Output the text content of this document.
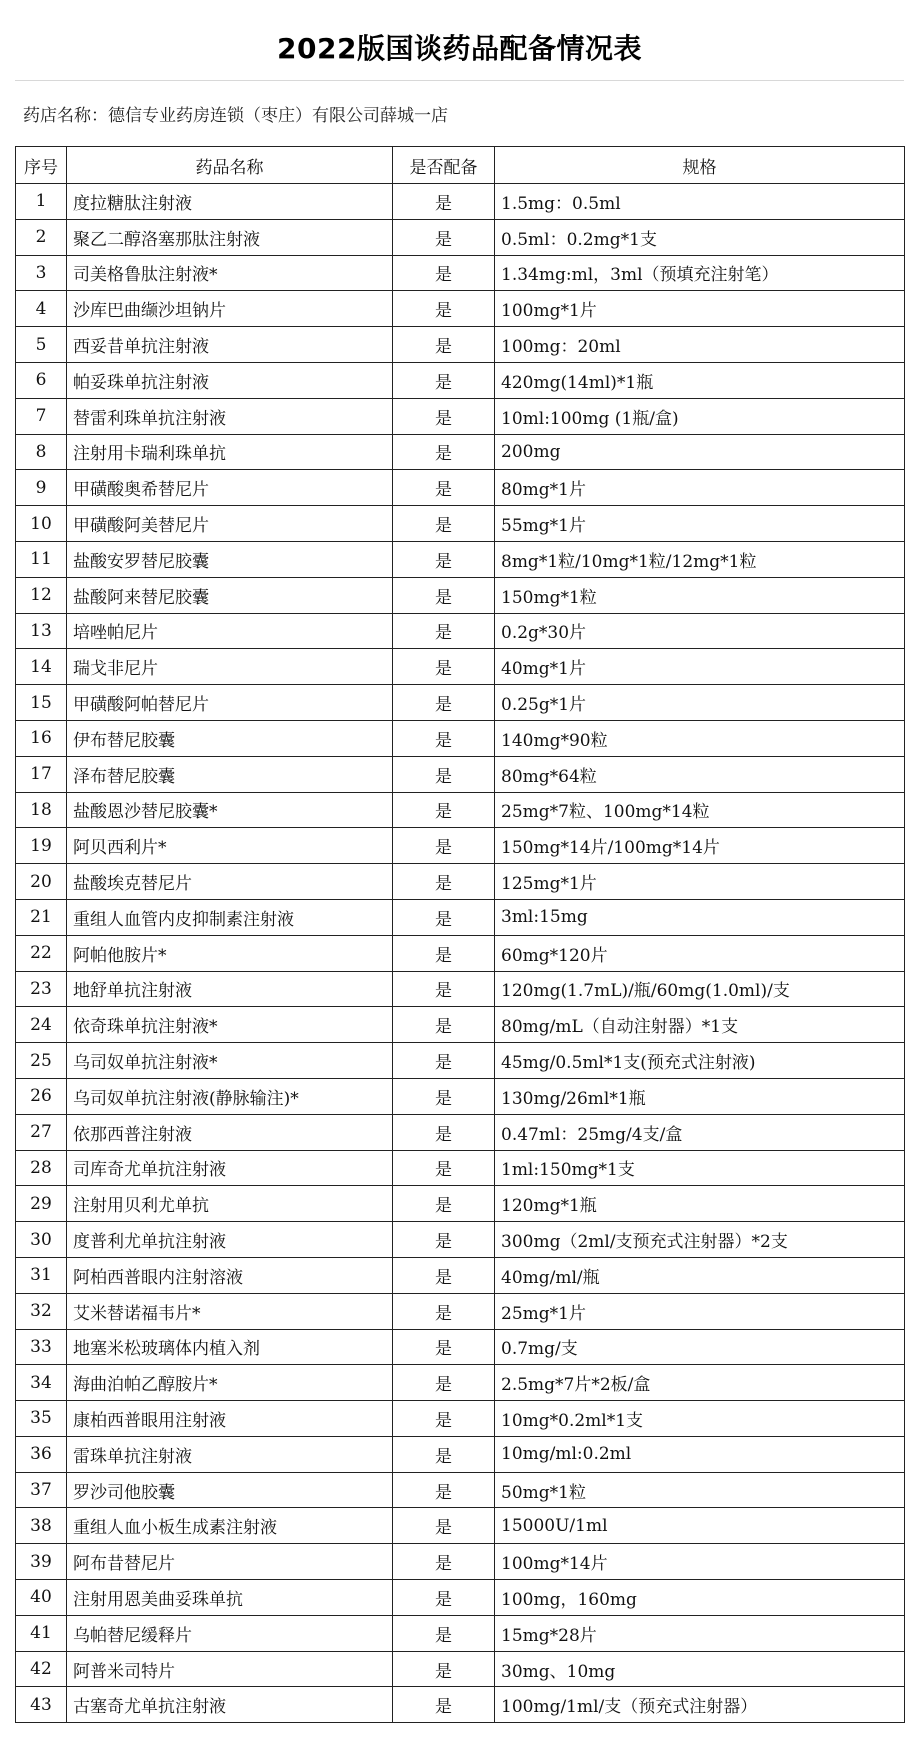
2022版国谈药品配备情况表
药店名称： 德信专业药房连锁（枣庄）有限公司薛城一店
序号	药品名称	是否配备	规格
1	度拉糖肽注射液	是	1.5mg：0.5ml
2	聚乙二醇洛塞那肽注射液	是	0.5ml：0.2mg*1支
3	司美格鲁肽注射液*	是	1.34mg:ml，3ml（预填充注射笔）
4	沙库巴曲缬沙坦钠片	是	100mg*1片
5	西妥昔单抗注射液	是	100mg：20ml
6	帕妥珠单抗注射液	是	420mg(14ml)*1瓶
7	替雷利珠单抗注射液	是	10ml:100mg (1瓶/盒)
8	注射用卡瑞利珠单抗	是	200mg
9	甲磺酸奥希替尼片	是	80mg*1片
10	甲磺酸阿美替尼片	是	55mg*1片
11	盐酸安罗替尼胶囊	是	8mg*1粒/10mg*1粒/12mg*1粒
12	盐酸阿来替尼胶囊	是	150mg*1粒
13	培唑帕尼片	是	0.2g*30片
14	瑞戈非尼片	是	40mg*1片
15	甲磺酸阿帕替尼片	是	0.25g*1片
16	伊布替尼胶囊	是	140mg*90粒
17	泽布替尼胶囊	是	80mg*64粒
18	盐酸恩沙替尼胶囊*	是	25mg*7粒、100mg*14粒
19	阿贝西利片*	是	150mg*14片/100mg*14片
20	盐酸埃克替尼片	是	125mg*1片
21	重组人血管内皮抑制素注射液	是	3ml:15mg
22	阿帕他胺片*	是	60mg*120片
23	地舒单抗注射液	是	120mg(1.7mL)/瓶/60mg(1.0ml)/支
24	依奇珠单抗注射液*	是	80mg/mL（自动注射器）*1支
25	乌司奴单抗注射液*	是	45mg/0.5ml*1支(预充式注射液)
26	乌司奴单抗注射液(静脉输注)*	是	130mg/26ml*1瓶
27	依那西普注射液	是	0.47ml：25mg/4支/盒
28	司库奇尤单抗注射液	是	1ml:150mg*1支
29	注射用贝利尤单抗	是	120mg*1瓶
30	度普利尤单抗注射液	是	300mg（2ml/支预充式注射器）*2支
31	阿柏西普眼内注射溶液	是	40mg/ml/瓶
32	艾米替诺福韦片*	是	25mg*1片
33	地塞米松玻璃体内植入剂	是	0.7mg/支
34	海曲泊帕乙醇胺片*	是	2.5mg*7片*2板/盒
35	康柏西普眼用注射液	是	10mg*0.2ml*1支
36	雷珠单抗注射液	是	10mg/ml:0.2ml
37	罗沙司他胶囊	是	50mg*1粒
38	重组人血小板生成素注射液	是	15000U/1ml
39	阿布昔替尼片	是	100mg*14片
40	注射用恩美曲妥珠单抗	是	100mg，160mg
41	乌帕替尼缓释片	是	15mg*28片
42	阿普米司特片	是	30mg、10mg
43	古塞奇尤单抗注射液	是	100mg/1ml/支（预充式注射器）
